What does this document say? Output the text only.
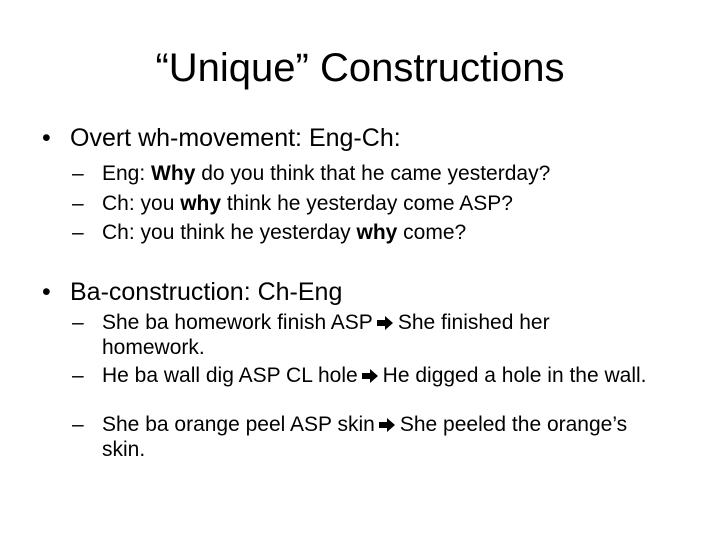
“Unique” Constructions
• Overt wh-movement: Eng-Ch:
– Eng: Why do you think that he came yesterday?
– Ch: you why think he yesterday come ASP?
– Ch: you think he yesterday why come?
• Ba-construction: Ch-Eng
– She ba homework finish ASP She finished her homework.
– He ba wall dig ASP CL hole He digged a hole in the wall.
– She ba orange peel ASP skin She peeled the orange’s skin.
